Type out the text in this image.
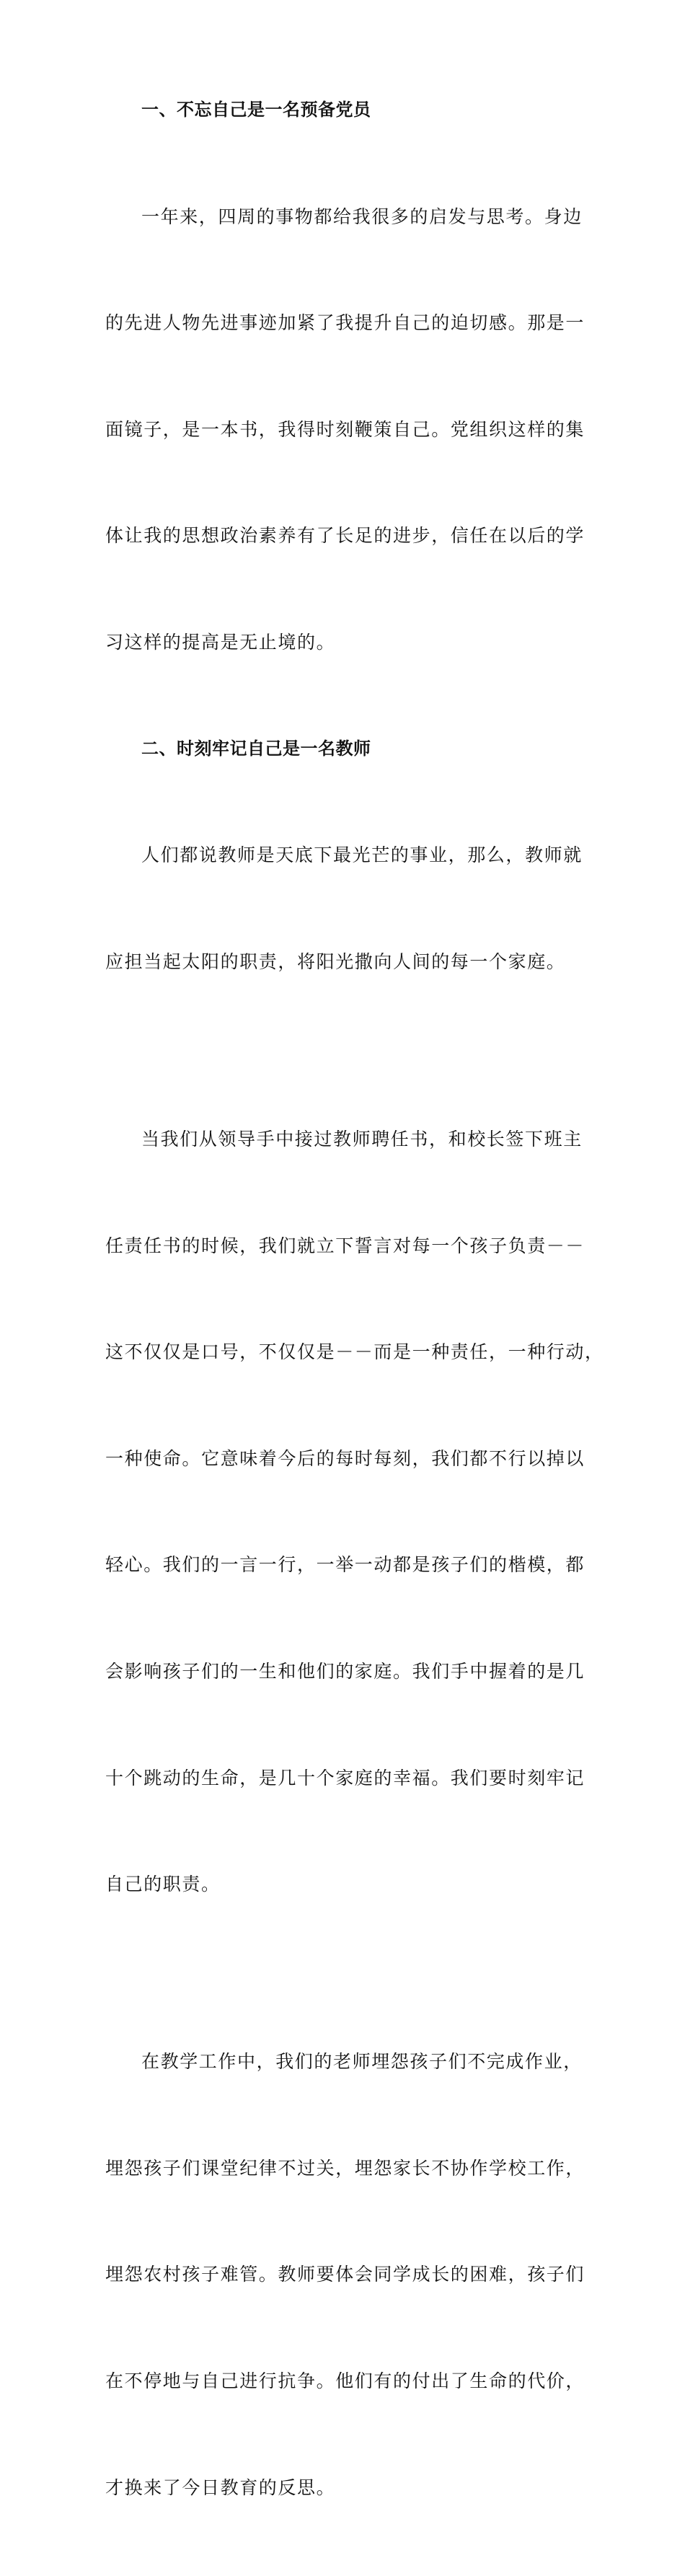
一、不忘自己是一名预备党员

一年来，四周的事物都给我很多的启发与思考。身边

的先进人物先进事迹加紧了我提升自己的迫切感。那是一

面镜子，是一本书，我得时刻鞭策自己。党组织这样的集

体让我的思想政治素养有了长足的进步，信任在以后的学

习这样的提高是无止境的。

二、时刻牢记自己是一名教师

人们都说教师是天底下最光芒的事业，那么，教师就

应担当起太阳的职责，将阳光撒向人间的每一个家庭。

当我们从领导手中接过教师聘任书，和校长签下班主

任责任书的时候，我们就立下誓言对每一个孩子负责－－

这不仅仅是口号，不仅仅是－－而是一种责任，一种行动，

一种使命。它意味着今后的每时每刻，我们都不行以掉以

轻心。我们的一言一行，一举一动都是孩子们的楷模，都

会影响孩子们的一生和他们的家庭。我们手中握着的是几

十个跳动的生命，是几十个家庭的幸福。我们要时刻牢记

自己的职责。

在教学工作中，我们的老师埋怨孩子们不完成作业，

埋怨孩子们课堂纪律不过关，埋怨家长不协作学校工作，

埋怨农村孩子难管。教师要体会同学成长的困难，孩子们

在不停地与自己进行抗争。他们有的付出了生命的代价，

才换来了今日教育的反思。
